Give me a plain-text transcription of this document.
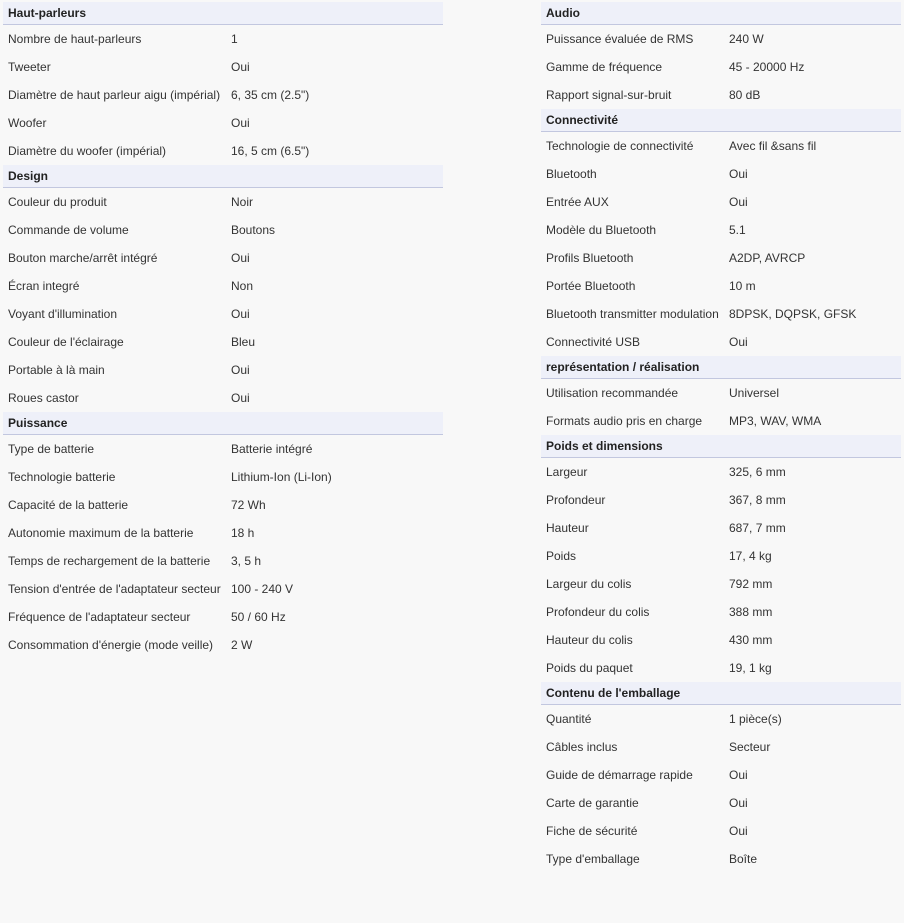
Haut-parleurs
Nombre de haut-parleurs	1
Tweeter	Oui
Diamètre de haut parleur aigu (impérial) 6, 35 cm (2.5")
Woofer	Oui
Diamètre du woofer (impérial)	16, 5 cm (6.5")
Design
Couleur du produit	Noir
Commande de volume	Boutons
Bouton marche/arrêt intégré	Oui
Écran integré	Non
Voyant d'illumination	Oui
Couleur de l'éclairage	Bleu
Portable à là main	Oui
Roues castor	Oui
Puissance
Type de batterie	Batterie intégré
Technologie batterie	Lithium-Ion (Li-Ion)
Capacité de la batterie	72 Wh
Autonomie maximum de la batterie	18 h
Temps de rechargement de la batterie 3, 5 h
Tension d'entrée de l'adaptateur secteur 100 - 240 V
Fréquence de l'adaptateur secteur	50 / 60 Hz
Consommation d'énergie (mode veille) 2 W
Audio
Puissance évaluée de RMS	240 W
Gamme de fréquence	45 - 20000 Hz
Rapport signal-sur-bruit	80 dB
Connectivité
Technologie de connectivité	Avec fil &sans fil
Bluetooth	Oui
Entrée AUX	Oui
Modèle du Bluetooth	5.1
Profils Bluetooth	A2DP, AVRCP
Portée Bluetooth	10 m
Bluetooth transmitter modulation 8DPSK, DQPSK, GFSK
Connectivité USB	Oui
représentation / réalisation
Utilisation recommandée	Universel
Formats audio pris en charge MP3, WAV, WMA
Poids et dimensions
Largeur	325, 6 mm
Profondeur	367, 8 mm
Hauteur	687, 7 mm
Poids	17, 4 kg
Largeur du colis	792 mm
Profondeur du colis	388 mm
Hauteur du colis	430 mm
Poids du paquet	19, 1 kg
Contenu de l'emballage
Quantité	1 pièce(s)
Câbles inclus	Secteur
Guide de démarrage rapide	Oui
Carte de garantie	Oui
Fiche de sécurité	Oui
Type d'emballage	Boîte
